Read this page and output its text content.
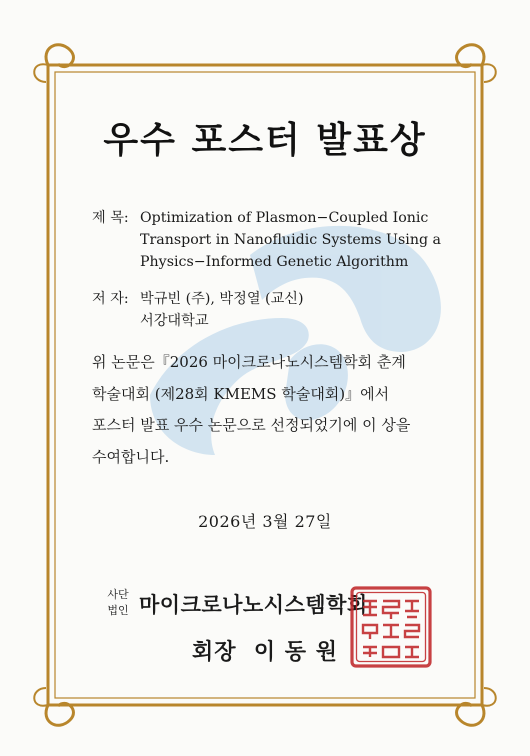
우수 포스터 발표상
제 목: Optimization of Plasmon−Coupled Ionic
Transport in Nanofluidic Systems Using a
Physics−Informed Genetic Algorithm
저 자: 박규빈 (주), 박정열 (교신)
서강대학교
위 논문은『2026 마이크로나노시스템학회 춘계
학술대회 (제28회 KMEMS 학술대회)』에서
포스터 발표 우수 논문으로 선정되었기에 이 상을
수여합니다.
2026년 3월 27일
사단
법인 마이크로나노시스템학회
회장  이 동 원
